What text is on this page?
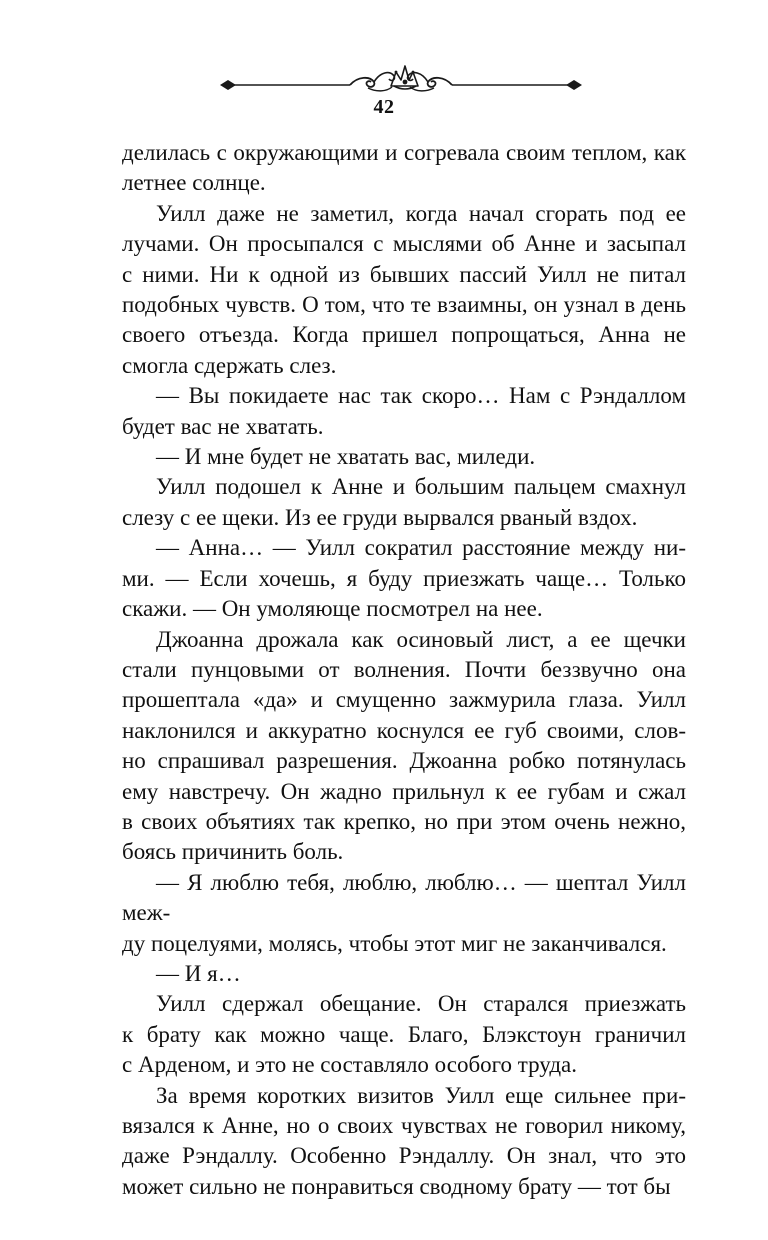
42
делилась с окружающими и согревала своим теплом, как
летнее солнце.
Уилл даже не заметил, когда начал сгорать под ее
лучами. Он просыпался с мыслями об Анне и засыпал
с ними. Ни к одной из бывших пассий Уилл не питал
подобных чувств. О том, что те взаимны, он узнал в день
своего отъезда. Когда пришел попрощаться, Анна не
смогла сдержать слез.
— Вы покидаете нас так скоро… Нам с Рэндаллом
будет вас не хватать.
— И мне будет не хватать вас, миледи.
Уилл подошел к Анне и большим пальцем смахнул
слезу с ее щеки. Из ее груди вырвался рваный вздох.
— Анна… — Уилл сократил расстояние между ни-
ми. — Если хочешь, я буду приезжать чаще… Только
скажи. — Он умоляюще посмотрел на нее.
Джоанна дрожала как осиновый лист, а ее щечки
стали пунцовыми от волнения. Почти беззвучно она
прошептала «да» и смущенно зажмурила глаза. Уилл
наклонился и аккуратно коснулся ее губ своими, слов-
но спрашивал разрешения. Джоанна робко потянулась
ему навстречу. Он жадно прильнул к ее губам и сжал
в своих объятиях так крепко, но при этом очень нежно,
боясь причинить боль.
— Я люблю тебя, люблю, люблю… — шептал Уилл меж-
ду поцелуями, молясь, чтобы этот миг не заканчивался.
— И я…
Уилл сдержал обещание. Он старался приезжать
к брату как можно чаще. Благо, Блэкстоун граничил
с Арденом, и это не составляло особого труда.
За время коротких визитов Уилл еще сильнее при-
вязался к Анне, но о своих чувствах не говорил никому,
даже Рэндаллу. Особенно Рэндаллу. Он знал, что это
может сильно не понравиться сводному брату — тот бы
